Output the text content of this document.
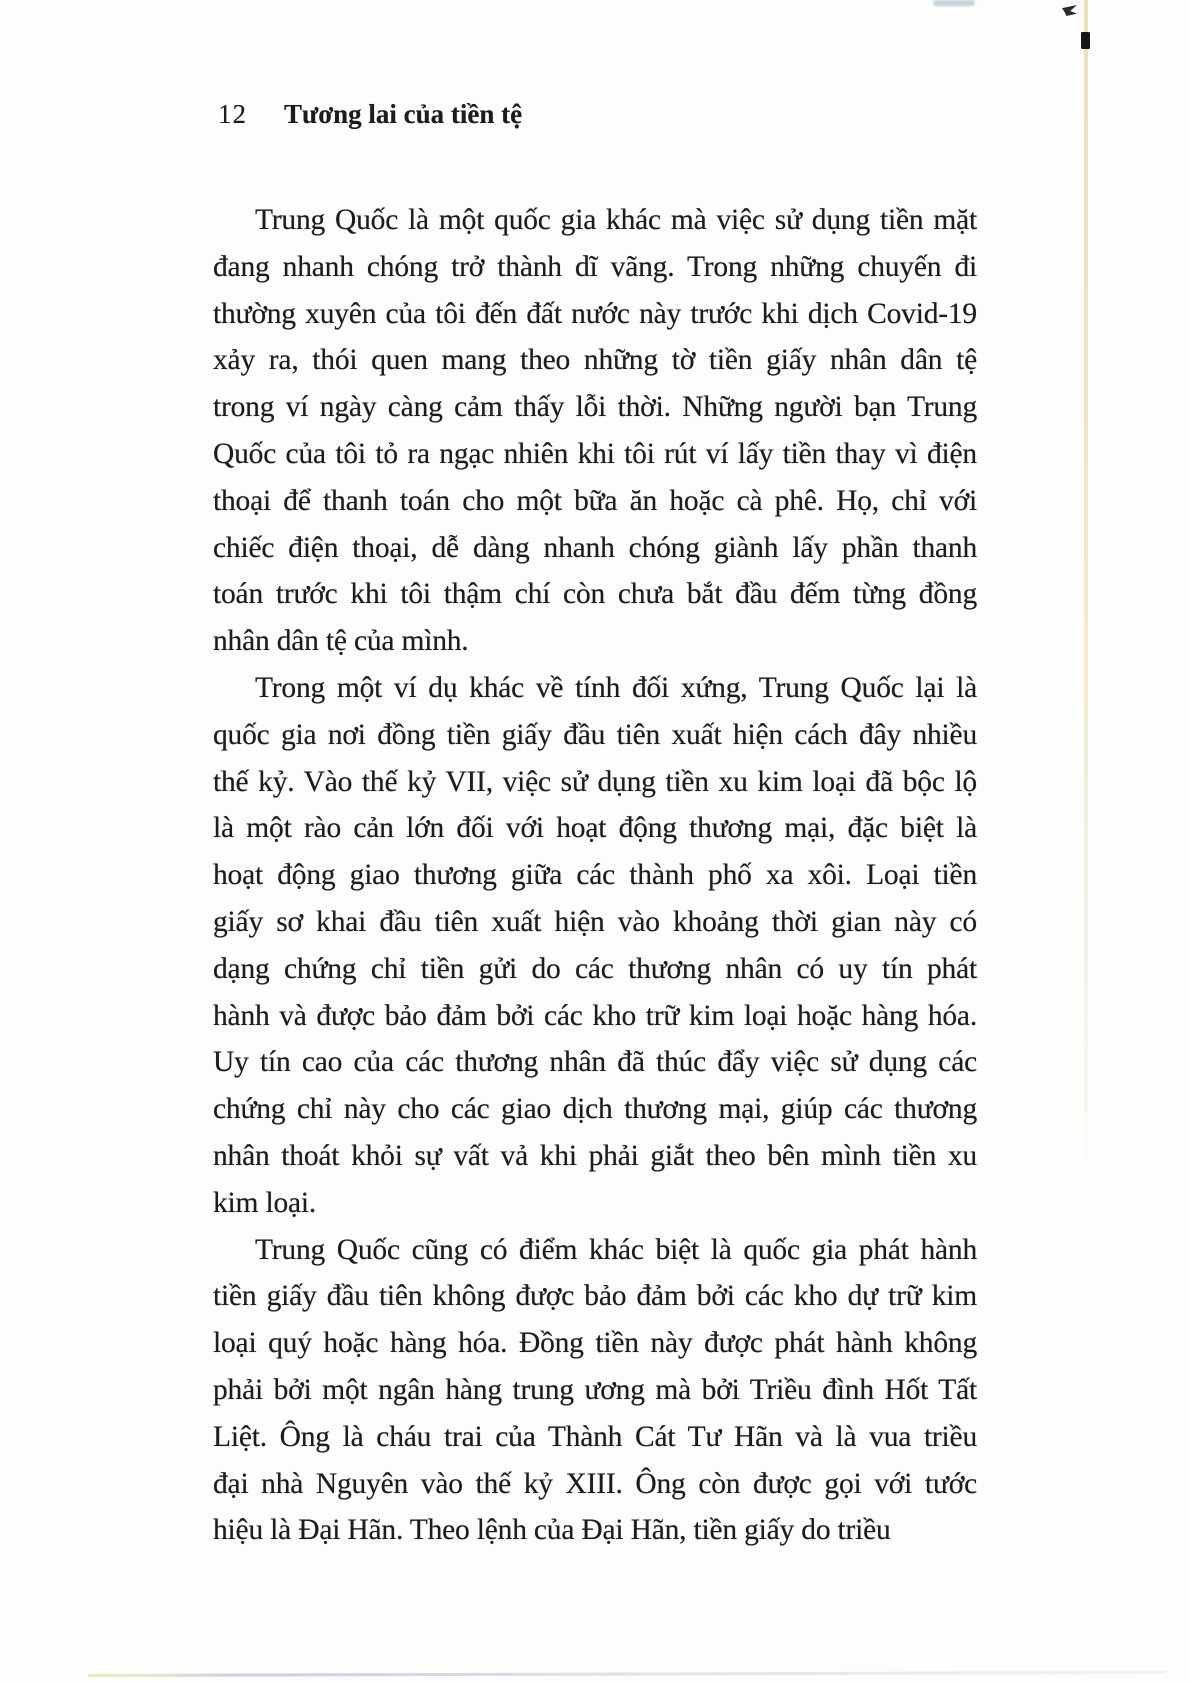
12 Tương lai của tiền tệ
Trung Quốc là một quốc gia khác mà việc sử dụng tiền mặt
đang nhanh chóng trở thành dĩ vãng. Trong những chuyến đi
thường xuyên của tôi đến đất nước này trước khi dịch Covid-19
xảy ra, thói quen mang theo những tờ tiền giấy nhân dân tệ
trong ví ngày càng cảm thấy lỗi thời. Những người bạn Trung
Quốc của tôi tỏ ra ngạc nhiên khi tôi rút ví lấy tiền thay vì điện
thoại để thanh toán cho một bữa ăn hoặc cà phê. Họ, chỉ với
chiếc điện thoại, dễ dàng nhanh chóng giành lấy phần thanh
toán trước khi tôi thậm chí còn chưa bắt đầu đếm từng đồng
nhân dân tệ của mình.
Trong một ví dụ khác về tính đối xứng, Trung Quốc lại là
quốc gia nơi đồng tiền giấy đầu tiên xuất hiện cách đây nhiều
thế kỷ. Vào thế kỷ VII, việc sử dụng tiền xu kim loại đã bộc lộ
là một rào cản lớn đối với hoạt động thương mại, đặc biệt là
hoạt động giao thương giữa các thành phố xa xôi. Loại tiền
giấy sơ khai đầu tiên xuất hiện vào khoảng thời gian này có
dạng chứng chỉ tiền gửi do các thương nhân có uy tín phát
hành và được bảo đảm bởi các kho trữ kim loại hoặc hàng hóa.
Uy tín cao của các thương nhân đã thúc đẩy việc sử dụng các
chứng chỉ này cho các giao dịch thương mại, giúp các thương
nhân thoát khỏi sự vất vả khi phải giắt theo bên mình tiền xu
kim loại.
Trung Quốc cũng có điểm khác biệt là quốc gia phát hành
tiền giấy đầu tiên không được bảo đảm bởi các kho dự trữ kim
loại quý hoặc hàng hóa. Đồng tiền này được phát hành không
phải bởi một ngân hàng trung ương mà bởi Triều đình Hốt Tất
Liệt. Ông là cháu trai của Thành Cát Tư Hãn và là vua triều
đại nhà Nguyên vào thế kỷ XIII. Ông còn được gọi với tước
hiệu là Đại Hãn. Theo lệnh của Đại Hãn, tiền giấy do triều
